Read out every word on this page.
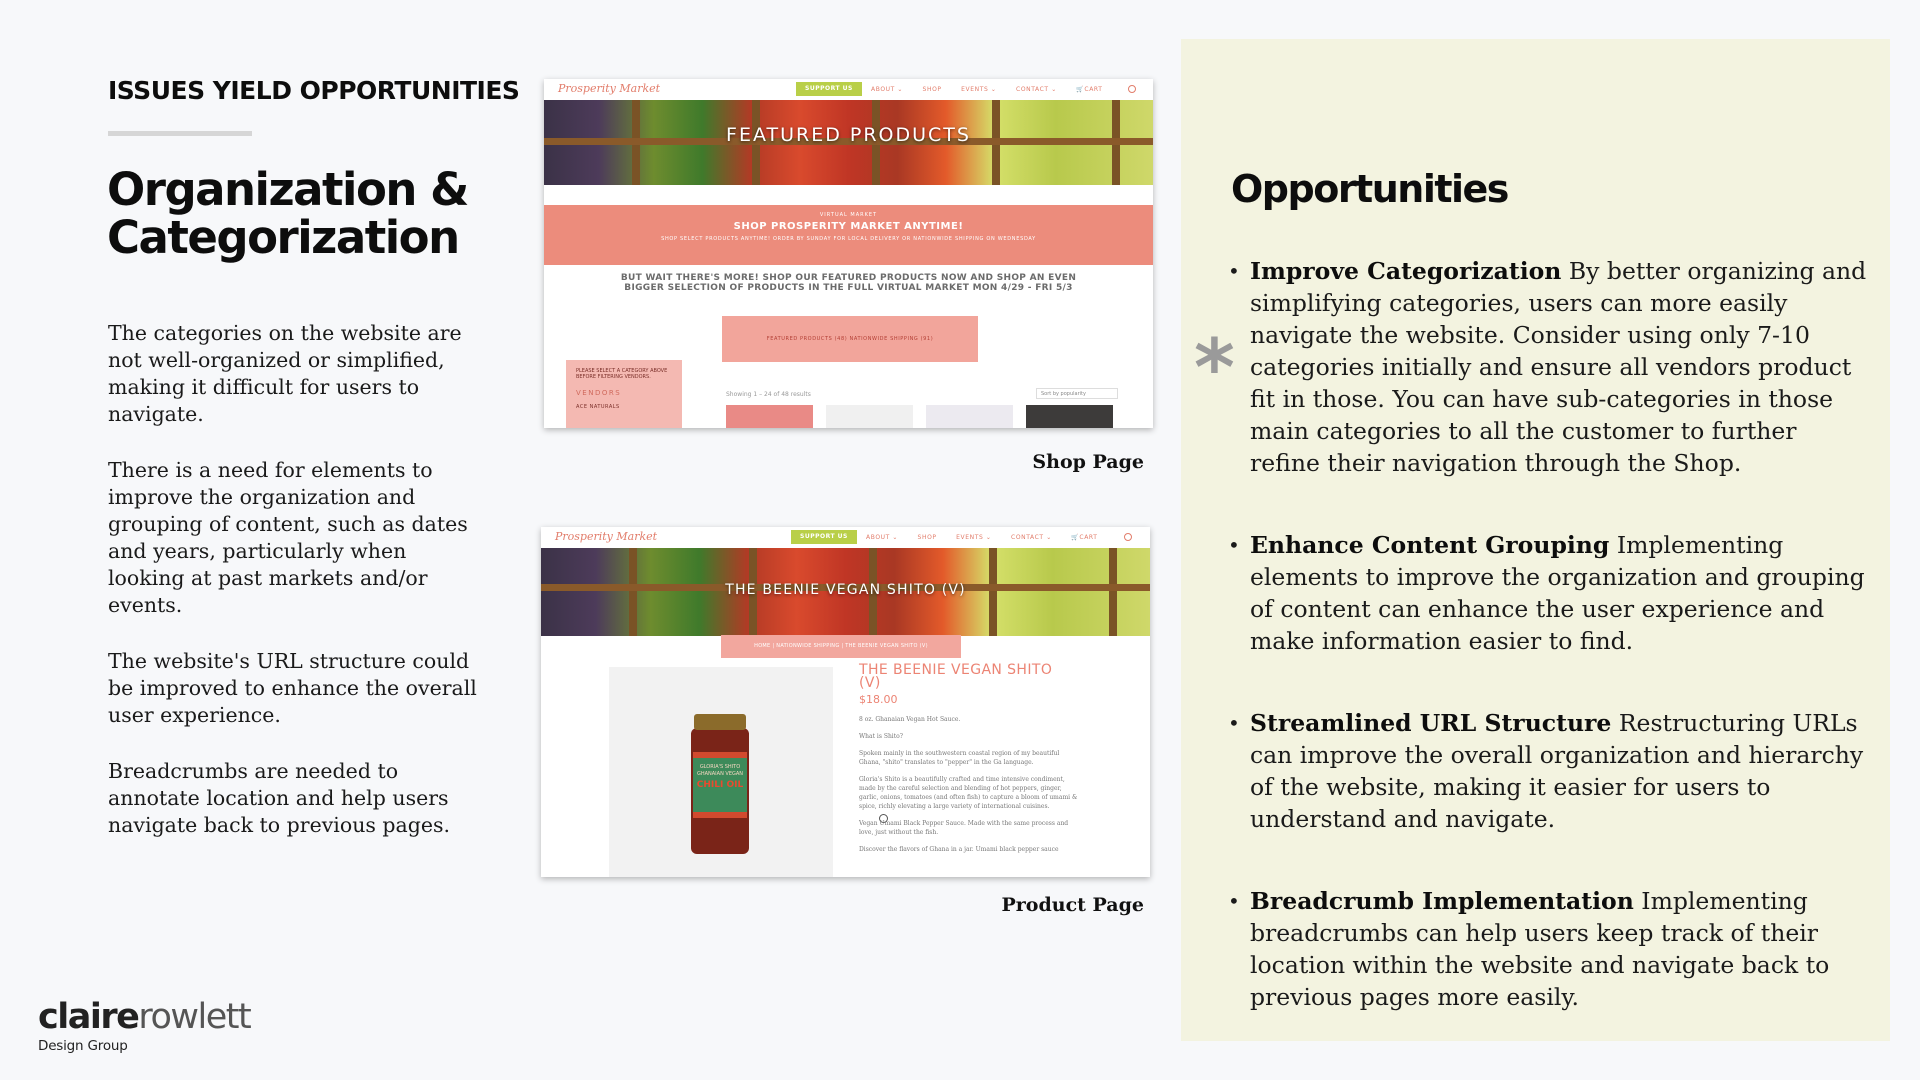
ISSUES YIELD OPPORTUNITIES
Organization & Categorization

The categories on the website are not well-organized or simplified, making it difficult for users to navigate.

There is a need for elements to improve the organization and grouping of content, such as dates and years, particularly when looking at past markets and/or events.

The website's URL structure could be improved to enhance the overall user experience.

Breadcrumbs are needed to annotate location and help users navigate back to previous pages.

Prosperity Market	SUPPORT US	ABOUT ⌄	SHOP	EVENTS ⌄	CONTACT ⌄	🛒CART
FEATURED PRODUCTS
VIRTUAL MARKET
SHOP PROSPERITY MARKET ANYTIME!
SHOP SELECT PRODUCTS ANYTIME! ORDER BY SUNDAY FOR LOCAL DELIVERY OR NATIONWIDE SHIPPING ON WEDNESDAY
BUT WAIT THERE'S MORE! SHOP OUR FEATURED PRODUCTS NOW AND SHOP AN EVEN BIGGER SELECTION OF PRODUCTS IN THE FULL VIRTUAL MARKET MON 4/29 - FRI 5/3
FEATURED PRODUCTS (48) NATIONWIDE SHIPPING (91)
PLEASE SELECT A CATEGORY ABOVE BEFORE FILTERING VENDORS.
VENDORS
ACE NATURALS
Showing 1 – 24 of 48 results	Sort by popularity
Shop Page
Prosperity Market	SUPPORT US	ABOUT ⌄	SHOP	EVENTS ⌄	CONTACT ⌄	🛒CART
THE BEENIE VEGAN SHITO (V)
HOME | NATIONWIDE SHIPPING | THE BEENIE VEGAN SHITO (V)
GLORIA'S SHITO
GHANAIAN VEGAN
CHILI OIL
THE BEENIE VEGAN SHITO (V)
$18.00

8 oz. Ghanaian Vegan Hot Sauce.

What is Shito?

Spoken mainly in the southwestern coastal region of my beautiful Ghana, "shito" translates to "pepper" in the Ga language.

Gloria's Shito is a beautifully crafted and time intensive condiment, made by the careful selection and blending of hot peppers, ginger, garlic, onions, tomatoes (and often fish) to capture a bloom of umami & spice, richly elevating a large variety of international cuisines.

Vegan Umami Black Pepper Sauce. Made with the same process and love, just without the fish.

Discover the flavors of Ghana in a jar. Umami black pepper sauce

Product Page
clairerowlett
Design Group
*
Opportunities
• Improve Categorization By better organizing and simplifying categories, users can more easily navigate the website. Consider using only 7-10 categories initially and ensure all vendors product fit in those. You can have sub-categories in those main categories to all the customer to further refine their navigation through the Shop.
• Enhance Content Grouping Implementing elements to improve the organization and grouping of content can enhance the user experience and make information easier to find.
• Streamlined URL Structure Restructuring URLs can improve the overall organization and hierarchy of the website, making it easier for users to understand and navigate.
• Breadcrumb Implementation Implementing breadcrumbs can help users keep track of their location within the website and navigate back to previous pages more easily.
